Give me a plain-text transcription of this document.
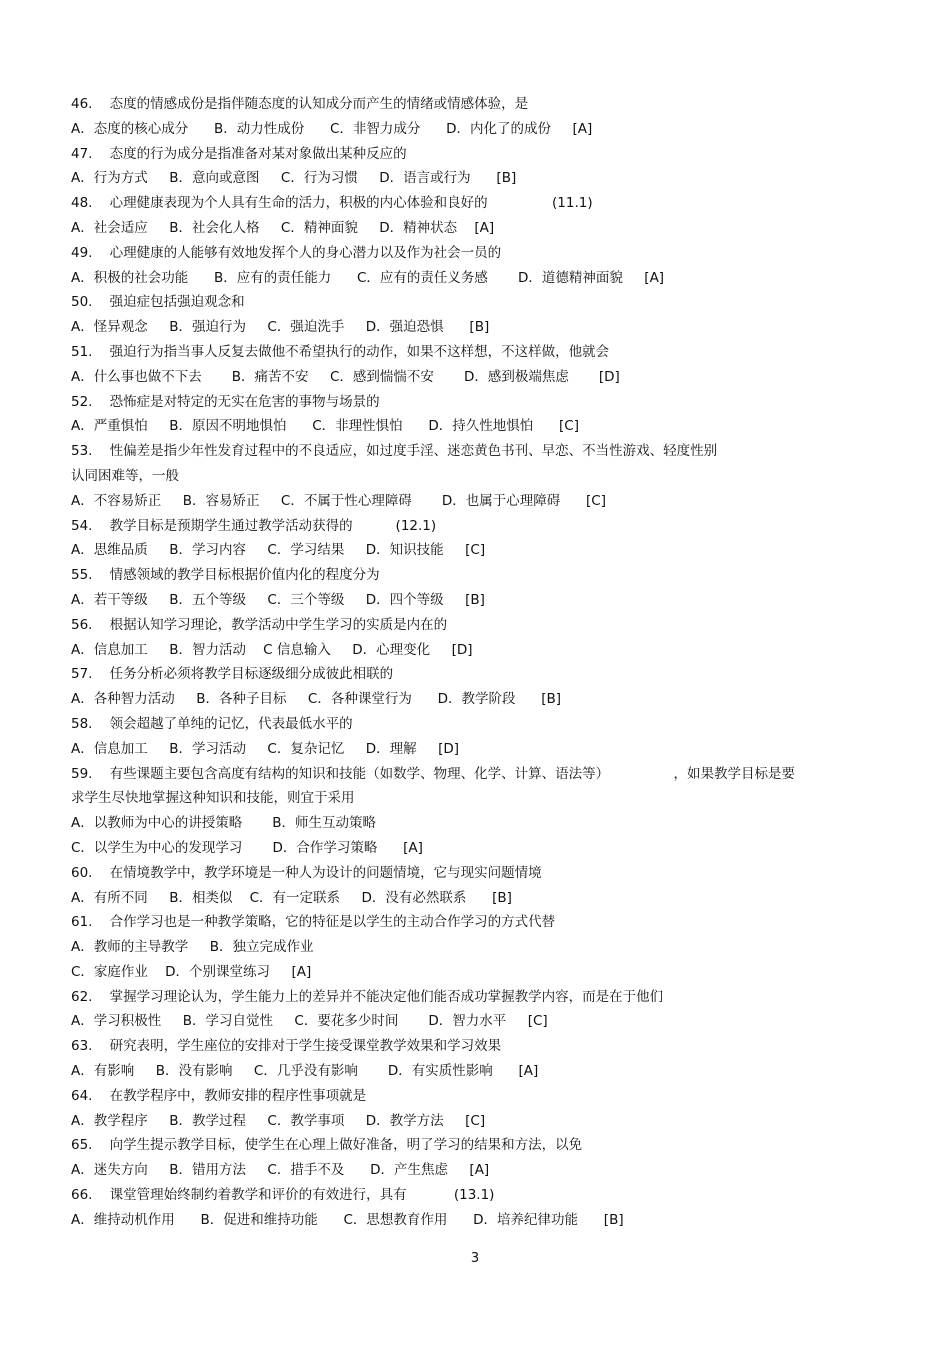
46.    态度的情感成份是指伴随态度的认知成分而产生的情绪或情感体验，是

A．态度的核心成分      B．动力性成份      C．非智力成分      D．内化了的成份     [A]

47.    态度的行为成分是指准备对某对象做出某种反应的

A．行为方式     B．意向或意图     C．行为习惯     D．语言或行为      [B]

48.    心理健康表现为个人具有生命的活力，积极的内心体验和良好的               (11.1)

A．社会适应     B．社会化人格     C．精神面貌     D．精神状态    [A]

49.    心理健康的人能够有效地发挥个人的身心潜力以及作为社会一员的

A．积极的社会功能      B．应有的责任能力      C．应有的责任义务感       D．道德精神面貌     [A]

50.    强迫症包括强迫观念和

A．怪异观念     B．强迫行为     C．强迫洗手     D．强迫恐惧      [B]

51.    强迫行为指当事人反复去做他不希望执行的动作，如果不这样想，不这样做，他就会

A．什么事也做不下去       B．痛苦不安     C．感到惴惴不安       D．感到极端焦虑       [D]

52.    恐怖症是对特定的无实在危害的事物与场景的

A．严重惧怕     B．原因不明地惧怕      C．非理性惧怕      D．持久性地惧怕      [C]

53.    性偏差是指少年性发育过程中的不良适应，如过度手淫、迷恋黄色书刊、早恋、不当性游戏、轻度性别

认同困难等，一般

A．不容易矫正     B．容易矫正     C．不属于性心理障碍       D．也属于心理障碍      [C]

54.    教学目标是预期学生通过教学活动获得的          (12.1)

A．思维品质     B．学习内容     C．学习结果     D．知识技能     [C]

55.    情感领域的教学目标根据价值内化的程度分为

A．若干等级     B．五个等级     C．三个等级     D．四个等级     [B]

56.    根据认知学习理论，教学活动中学生学习的实质是内在的

A．信息加工     B．智力活动    C 信息输入     D．心理变化     [D]

57.    任务分析必须将教学目标逐级细分成彼此相联的

A．各种智力活动     B．各种子目标     C．各种课堂行为      D．教学阶段      [B]

58.    领会超越了单纯的记忆，代表最低水平的

A．信息加工     B．学习活动     C．复杂记忆     D．理解     [D]

59.    有些课题主要包含高度有结构的知识和技能（如数学、物理、化学、计算、语法等）               ，如果教学目标是要

求学生尽快地掌握这种知识和技能，则宜于采用

A．以教师为中心的讲授策略       B．师生互动策略

C．以学生为中心的发现学习       D．合作学习策略      [A]

60.    在情境教学中，教学环境是一种人为设计的问题情境，它与现实问题情境

A．有所不同     B．相类似    C．有一定联系     D．没有必然联系      [B]

61.    合作学习也是一种教学策略，它的特征是以学生的主动合作学习的方式代替

A．教师的主导教学     B．独立完成作业

C．家庭作业    D．个别课堂练习     [A]

62.    掌握学习理论认为，学生能力上的差异并不能决定他们能否成功掌握教学内容，而是在于他们

A．学习积极性     B．学习自觉性     C．要花多少时间       D．智力水平     [C]

63.    研究表明，学生座位的安排对于学生接受课堂教学效果和学习效果

A．有影响     B．没有影响     C．几乎没有影响       D．有实质性影响      [A]

64.    在教学程序中，教师安排的程序性事项就是

A．教学程序     B．教学过程     C．教学事项     D．教学方法     [C]

65.    向学生提示教学目标，使学生在心理上做好准备，明了学习的结果和方法，以免

A．迷失方向     B．错用方法     C．措手不及      D．产生焦虑     [A]

66.    课堂管理始终制约着教学和评价的有效进行，具有           (13.1)

A．维持动机作用      B．促进和维持功能      C．思想教育作用      D．培养纪律功能      [B]

3
